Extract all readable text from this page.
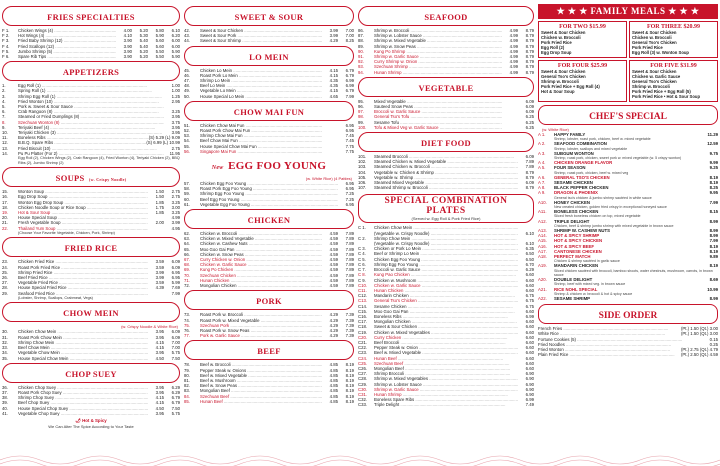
FRIES SPECIALTIES
F 1.	Chicken Wings (4) .....	4.00	5.20	5.80	6.10
F 2.	Hot Wings (4) .....	4.10	5.30	5.90	6.20
F 3.	Fried Baby Shrimp (12) .....	3.90	5.40	5.60	6.00
F 4.	Fried Scallops (12) .....	3.90	5.40	5.60	6.00
F 5.	Jumbo Shrimp (5) .....	3.90	5.20	5.50	5.90
F 6.	Spare Rib Tips .....	3.90	5.20	5.50	5.90
APPETIZERS
1.	Egg Roll (1) .....	1.00
2.	Spring Roll (1) .....	1.00
3.	Shrimp Egg Roll (1) .....	1.25
4.	Fried Wonton (10) .....	2.95
5.	Pork w. Sweet & Sour Sauce .....
6.	Crab Rangoon (8) .....	3.25
7.	Steamed or Fried Dumplings (8) .....	3.95
8.	Szechuan Wonton (8) .....	3.75
9.	Teriyaki Beef (4) .....	3.95
10.	Teriyaki Chicken (3) .....	3.95
11.	Boneless Ribs .....	(S) 5.29 (L) 9.09
12.	B.B.Q. Spare Ribs .....	(S) 6.99 (L) 10.99
13.	Fried Biscuit (10) .....	2.75
14.	Pu Pu Platter (For 2) .....	11.95
Egg Roll (2), Chicken Wings (2), Crab Rangoon (4), Fried Wonton (4), Teriyaki Chicken (2), BBQ Ribs (2), Jumbo Shrimp (2)
SOUPS (w. Crispy Noodle)
15.	Wonton Soup .....	1.50	2.75
16.	Egg Drop Soup .....	1.50	2.75
17.	Wonton Egg Drop Soup .....	1.85	3.25
18.	Chicken Noodle Soup or Rice Soup .....	1.75	3.00
19.	Hot & Sour Soup .....	1.85	3.25
20.	House Special Soup .....	4.99
21.	Fresh Vegetable Soup .....	2.00	3.99
22.	Thailand Yum Soup .....	4.95
(Choose Your Favorite Vegetable, Chicken, Pork, Shrimp)
FRIED RICE
23.	Chicken Fried Rice .....	3.59	6.09
24.	Roast Pork Fried Rice .....	3.59	6.09
25.	Shrimp Fried Rice .....	3.99	6.95
26.	Beef Fried Rice .....	3.99	6.95
27.	Vegetable Fried Rice .....	3.59	5.99
28.	House Special Fried Rice .....	4.39	7.69
29.	Seafood Fried Rice .....	7.99
(Lobster, Shrimp, Scallops, Crabmeat, Vegs)
CHOW MEIN
(w. Crispy Noodle & White Rice)
30.	Chicken Chow Mein .....	3.95	6.09
31.	Roast Pork Chow Mein .....	3.95	6.09
32.	Shrimp Chow Mein .....	4.15	7.00
33.	Beef Chow Mein .....	4.15	7.00
34.	Vegetable Chow Mein .....	3.95	5.75
35.	House Special Chow Mein .....	4.50	7.50
CHOP SUEY
36.	Chicken Chop Suey .....	3.95	6.29
37.	Roast Pork Chop Suey .....	3.95	6.29
38.	Shrimp Chop Suey .....	4.15	6.79
39.	Beef Chop Suey .....	4.15	6.79
40.	House Special Chop Suey .....	4.50	7.50
41.	Vegetable Chop Suey .....	3.95	5.75
🌶 Hot & Spicy
We Can Alter The Spice According to Your Taste
SWEET & SOUR
42.	Sweet & Sour Chicken .....	3.99	7.00
43.	Sweet & Sour Pork .....	3.99	7.00
44.	Sweet & Sour Shrimp .....	4.29	8.25
LO MEIN
45.	Chicken Lo Mein .....	4.15	6.79
46.	Roast Pork Lo Mein .....	4.15	6.79
47.	Shrimp Lo Mein .....	4.35	6.99
48.	Beef Lo Mein .....	4.35	6.99
49.	Vegetable Lo Mein .....	4.15	6.79
50.	House Special Lo Mein .....	4.65	7.99
CHOW MAI FUN
51.	Chicken Chow Mai Fun .....	6.95
52.	Roast Pork Chow Mai Fun .....	6.95
53.	Shrimp Chow Mai Fun .....	7.45
54.	Beef Chow Mai Fun .....	7.45
55.	House Special Chow Mai Fun .....	7.75
56.	Singapore Mai Fun .....	7.75
New EGG FOO YOUNG
(w. White Rice) (4 Patties)
57.	Chicken Egg Foo Young .....	6.95
58.	Roast Pork Egg Foo Young .....	6.95
59.	Shrimp Egg Foo Young .....	7.25
60.	Beef Egg Foo Young .....	7.25
61.	Vegetable Egg Foo Young .....	6.95
CHICKEN
62.	Chicken w. Broccoli .....	4.59	7.89
63.	Chicken w. Mixed Vegetable .....	4.59	7.89
64.	Chicken w. Cashew Nuts .....	4.59	7.89
65.	Moo Goo Gai Pan .....	4.59	7.89
66.	Chicken w. Snow Peas .....	4.59	7.89
67.	Curry Chicken w. Onion .....	4.59	7.89
68.	Chicken w. Garlic Sauce .....	4.59	7.89
69.	Kung Po Chicken .....	4.59	7.89
70.	Szechuan Chicken .....	4.59	7.89
71.	Hunan Chicken .....	4.59	7.89
72.	Mongolian Chicken .....	4.59	7.89
PORK
73.	Roast Pork w. Broccoli .....	4.29	7.39
74.	Roast Pork w. Mixed Vegetable .....	4.29	7.39
75.	Szechuan Pork .....	4.29	7.39
76.	Roast Pork w. Snow Peas .....	4.29	7.39
77.	Pork w. Garlic Sauce .....	4.29	7.39
BEEF
78.	Beef w. Broccoli .....	4.85	8.19
79.	Pepper Steak w. Onions .....	4.85	8.19
80.	Beef w. Mixed Vegetable .....	4.85	8.19
81.	Beef w. Mushroom .....	4.85	8.19
82.	Beef w. Snow Peas .....	4.85	8.19
83.	Mongolian Beef .....	4.85	8.19
84.	Szechuan Beef .....	4.85	8.19
85.	Hunan Beef .....	4.85	8.19
SEAFOOD
86.	Shrimp w. Broccoli .....	4.99	8.79
87.	Shrimp w. Lobster Sauce .....	4.99	8.79
88.	Shrimp w. Mixed Vegetable .....	4.99	8.79
89.	Shrimp w. Snow Peas .....	4.99	8.79
90.	Kung Po Shrimp .....	4.99	8.79
91.	Shrimp w. Garlic Sauce .....	4.99	8.79
92.	Curry Shrimp w. Onion .....	4.99	8.79
93.	Szechuan Shrimp .....	4.99	8.79
94.	Hunan Shrimp .....	4.99	8.79
VEGETABLE
95.	Mixed Vegetable .....	6.09
96.	Sauteed Snow Peas .....	6.09
97.	Broccoli w. Garlic Sauce .....	6.09
98.	General Tso's Tofu .....	6.25
99.	Sesame Tofu .....	6.25
100.	Tofu & Mixed Veg w. Garlic Sauce .....	6.25
DIET FOOD
101.	Steamed Broccoli .....	6.09
102.	Steamed Chicken w. Mixed Vegetable .....	7.89
103.	Steamed Chicken w. Broccoli .....	7.89
104.	Vegetable w. Chicken & Shrimp .....	8.79
105.	Vegetable w. Shrimp .....	8.79
106.	Steamed Mixed Vegetable .....	6.09
107.	Steamed Shrimp w. Broccoli .....	8.79
SPECIAL COMBINATION
PLATES
(Served w. Egg Roll & Pork Fried Rice)
C 1.	Chicken Chow Mein .....
(Vegetable w. Crispy Noodle) .....	6.10
C 2.	Shrimp Chow Mein .....
(Vegetable w. Crispy Noodle) .....	6.10
C 3.	Chicken or Pork Lo Mein .....	6.35
C 4.	Beef or Shrimp Lo Mein .....	6.50
C 5.	Chicken Egg Foo Young .....	6.50
C 6.	Shrimp Egg Foo Young .....	6.70
C 7.	Broccoli w. Garlic Sauce .....	6.29
C 8.	Kung Pao Chicken .....	6.60
C 9.	Chicken w. Mushroom .....	6.60
C10.	Chicken w. Garlic Sauce .....	6.60
C11.	Hunan Chicken .....	6.60
C12.	Mandarin Chicken .....	6.75
C13.	General Tso's Chicken .....	6.75
C14.	Sesame Chicken .....	6.75
C15.	Moo Goo Gai Pan .....	6.60
C16.	Boneless Ribs .....	6.99
C17.	Mongolian Chicken .....	6.60
C18.	Sweet & Sour Chicken .....	6.60
C19.	Chicken w. Mixed Vegetables .....	6.60
C20.	Curry Chicken .....	6.60
C21.	Beef Broccoli .....	6.60
C22.	Pepper Steak w. Onion .....	6.60
C23.	Beef w. Mixed Vegetable .....	6.60
C24.	Hunan Beef .....	6.60
C25.	Szechuan Beef .....	6.60
C26.	Mongolian Beef .....	6.60
C27.	Shrimp Broccoli .....	6.90
C28.	Shrimp w. Mixed Vegetables .....	6.90
C29.	Shrimp w. Lobster Sauce .....	6.90
C30.	Shrimp w. Garlic Sauce .....	6.90
C31.	Hunan Shrimp .....	6.90
C32.	Boneless Spare Ribs .....	6.99
C33.	Triple Delight .....	7.49
★ ★ ★ FAMILY MEALS ★ ★ ★
FOR TWO $15.99
Sweet & Sour Chicken
Chicken w. Broccoli
Pork Fried Rice
Egg Roll (2)
Egg Drop Soup
FOR THREE $20.99
Sweet & Sour Chicken
Chicken w. Broccoli
General Tso's Chicken
Pork Fried Rice
Egg Roll (3) w. Wonton Soup
FOR FOUR $25.99
Sweet & Sour Chicken
General Tso's Chicken
Shrimp w. Broccoli
Pork Fried Rice + Egg Roll (4)
Hot & Sour Soup
FOR FIVE $31.99
Sweet & Sour Chicken
Chicken w. Garlic Sauce
General Tso's Chicken
Shrimp w. Broccoli
Pork Fried Rice + Egg Roll (5)
Pork Fried Rice • Hot & Sour Soup
CHEF'S SPECIAL
(w. White Rice)
A 1.	HAPPY FAMILY	11.29
Shrimp, lobster, roast pork, chicken, beef w. mixed vegetable
A 2.	SEAFOOD COMBINATION	12.59
Shrimp, lobster, scallops and mixed vegetable
A 3.	SUBGUM WONTON	9.75
Shrimp, roast pork, chicken, sweet pork w. mixed vegetable (w. 5 crispy wonton)
A 4.	CHICKEN ORANGE FLAVOR	9.99
A 5.	FOUR SEASON	9.25
Shrimp, roast pork, chicken, beef w. mixed veg
A 6.	GENERAL TSO'S CHICKEN	8.19
A 7.	SESAME CHICKEN	8.19
A 8.	BLACK PEPPER CHICKEN	8.25
A 9.	DRAGON & PHOENIX	9.95
General tso's chicken & jumbo shrimp sautéed in white sauce
A10.	HONEY CHICKEN	7.99
New created chicken, golden fried crispy in exceptional honeyed sauce
A11.	BONELESS CHICKEN	8.15
Sliced fresh boneless chicken on top, mixed vegetable
A12.	TRIPLE DELIGHT	8.99
Chicken, beef & shrimp jumbo shrimp with mixed vegetable in brown sauce
A13.	SHRIMP W. CASHEW NUTS	8.99
A14.	HOT & SPICY SHRIMP	8.99
A15.	HOT & SPICY CHICKEN	7.99
A16.	HOT & SPICY BEEF	8.19
A17.	CANTONESE CHICKEN	8.19
A18.	PERFECT MATCH	9.89
Chicken & shrimp sautéed in garlic sauce
A19.	MANDARIN CHICKEN	8.19
Sliced chicken sautéed with broccoli, bamboo shoots, water chestnuts, mushroom, carrots, in brown sauce
A20.	DOUBLE DELIGHT	8.69
Shrimp, beef with mixed veg. in brown sauce
A21.	RICE NOHL SPECIAL	10.99
Shrimp & chicken w. broccoli & hot & spicy sauce
A22.	SESAME SHRIMP	8.99
SIDE ORDER
French Fries .....	(Pt.) 1.50 (Qt.) 3.00
White Rice .....	(Pt.) 1.50 (Qt.) 3.00
Fortune Cookies (5) .....	0.15
Fried Noodles .....	0.25
Fried Wonton .....	(Pt.) 2.75 (Qt.) 4.79
Plain Fried Rice .....	(Pt.) 2.50 (Qt.) 4.59
